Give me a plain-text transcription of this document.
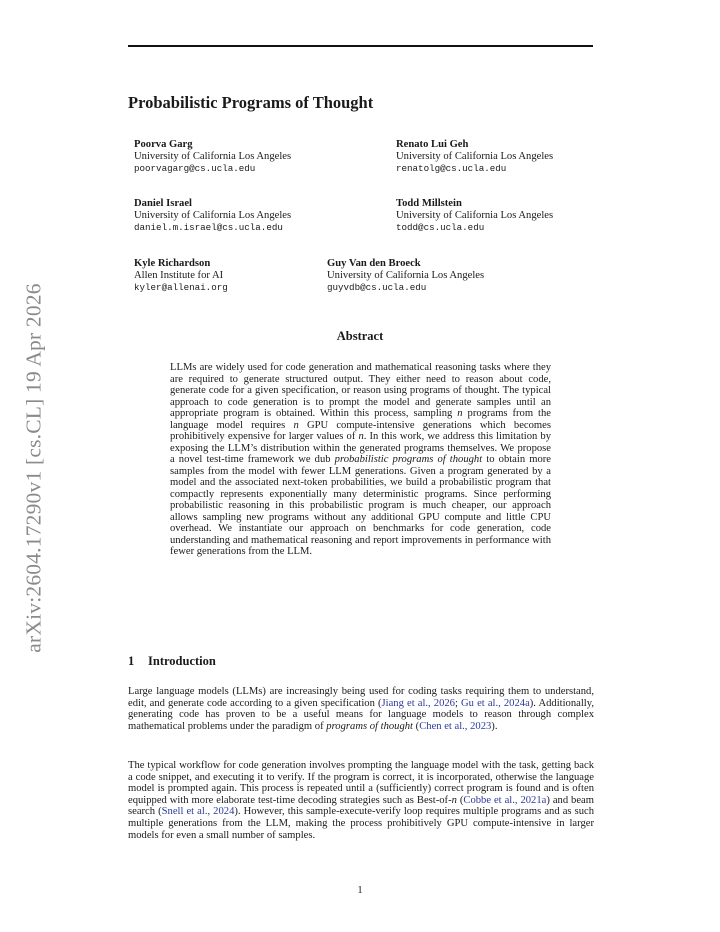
arXiv:2604.17290v1 [cs.CL] 19 Apr 2026
Probabilistic Programs of Thought
Poorva Garg
University of California Los Angeles
poorvagarg@cs.ucla.edu
Renato Lui Geh
University of California Los Angeles
renatolg@cs.ucla.edu
Daniel Israel
University of California Los Angeles
daniel.m.israel@cs.ucla.edu
Todd Millstein
University of California Los Angeles
todd@cs.ucla.edu
Kyle Richardson
Allen Institute for AI
kyler@allenai.org
Guy Van den Broeck
University of California Los Angeles
guyvdb@cs.ucla.edu
Abstract

LLMs are widely used for code generation and mathematical reasoning tasks where they are required to generate structured output. They either need to reason about code, generate code for a given specification, or reason using programs of thought. The typical approach to code generation is to prompt the model and generate samples until an appropriate program is obtained. Within this process, sampling n programs from the language model requires n GPU compute-intensive generations which becomes prohibitively expensive for larger values of n. In this work, we address this limitation by exposing the LLM’s distribution within the generated programs themselves. We propose a novel test-time framework we dub probabilistic programs of thought to obtain more samples from the model with fewer LLM generations. Given a program generated by a model and the associated next-token probabilities, we build a probabilistic program that compactly represents exponentially many deterministic programs. Since performing probabilistic reasoning in this probabilistic program is much cheaper, our approach allows sampling new programs without any additional GPU compute and little CPU overhead. We instantiate our approach on benchmarks for code generation, code understanding and mathematical reasoning and report improvements in performance with fewer generations from the LLM.

1 Introduction

Large language models (LLMs) are increasingly being used for coding tasks requiring them to understand, edit, and generate code according to a given specification (Jiang et al., 2026; Gu et al., 2024a). Additionally, generating code has proven to be a useful means for language models to reason through complex mathematical problems under the paradigm of programs of thought (Chen et al., 2023).

The typical workflow for code generation involves prompting the language model with the task, getting back a code snippet, and executing it to verify. If the program is correct, it is incorporated, otherwise the language model is prompted again. This process is repeated until a (sufficiently) correct program is found and is often equipped with more elaborate test-time decoding strategies such as Best-of-n (Cobbe et al., 2021a) and beam search (Snell et al., 2024). However, this sample-execute-verify loop requires multiple programs and as such multiple generations from the LLM, making the process prohibitively GPU compute-intensive in larger models for even a small number of samples.

1
